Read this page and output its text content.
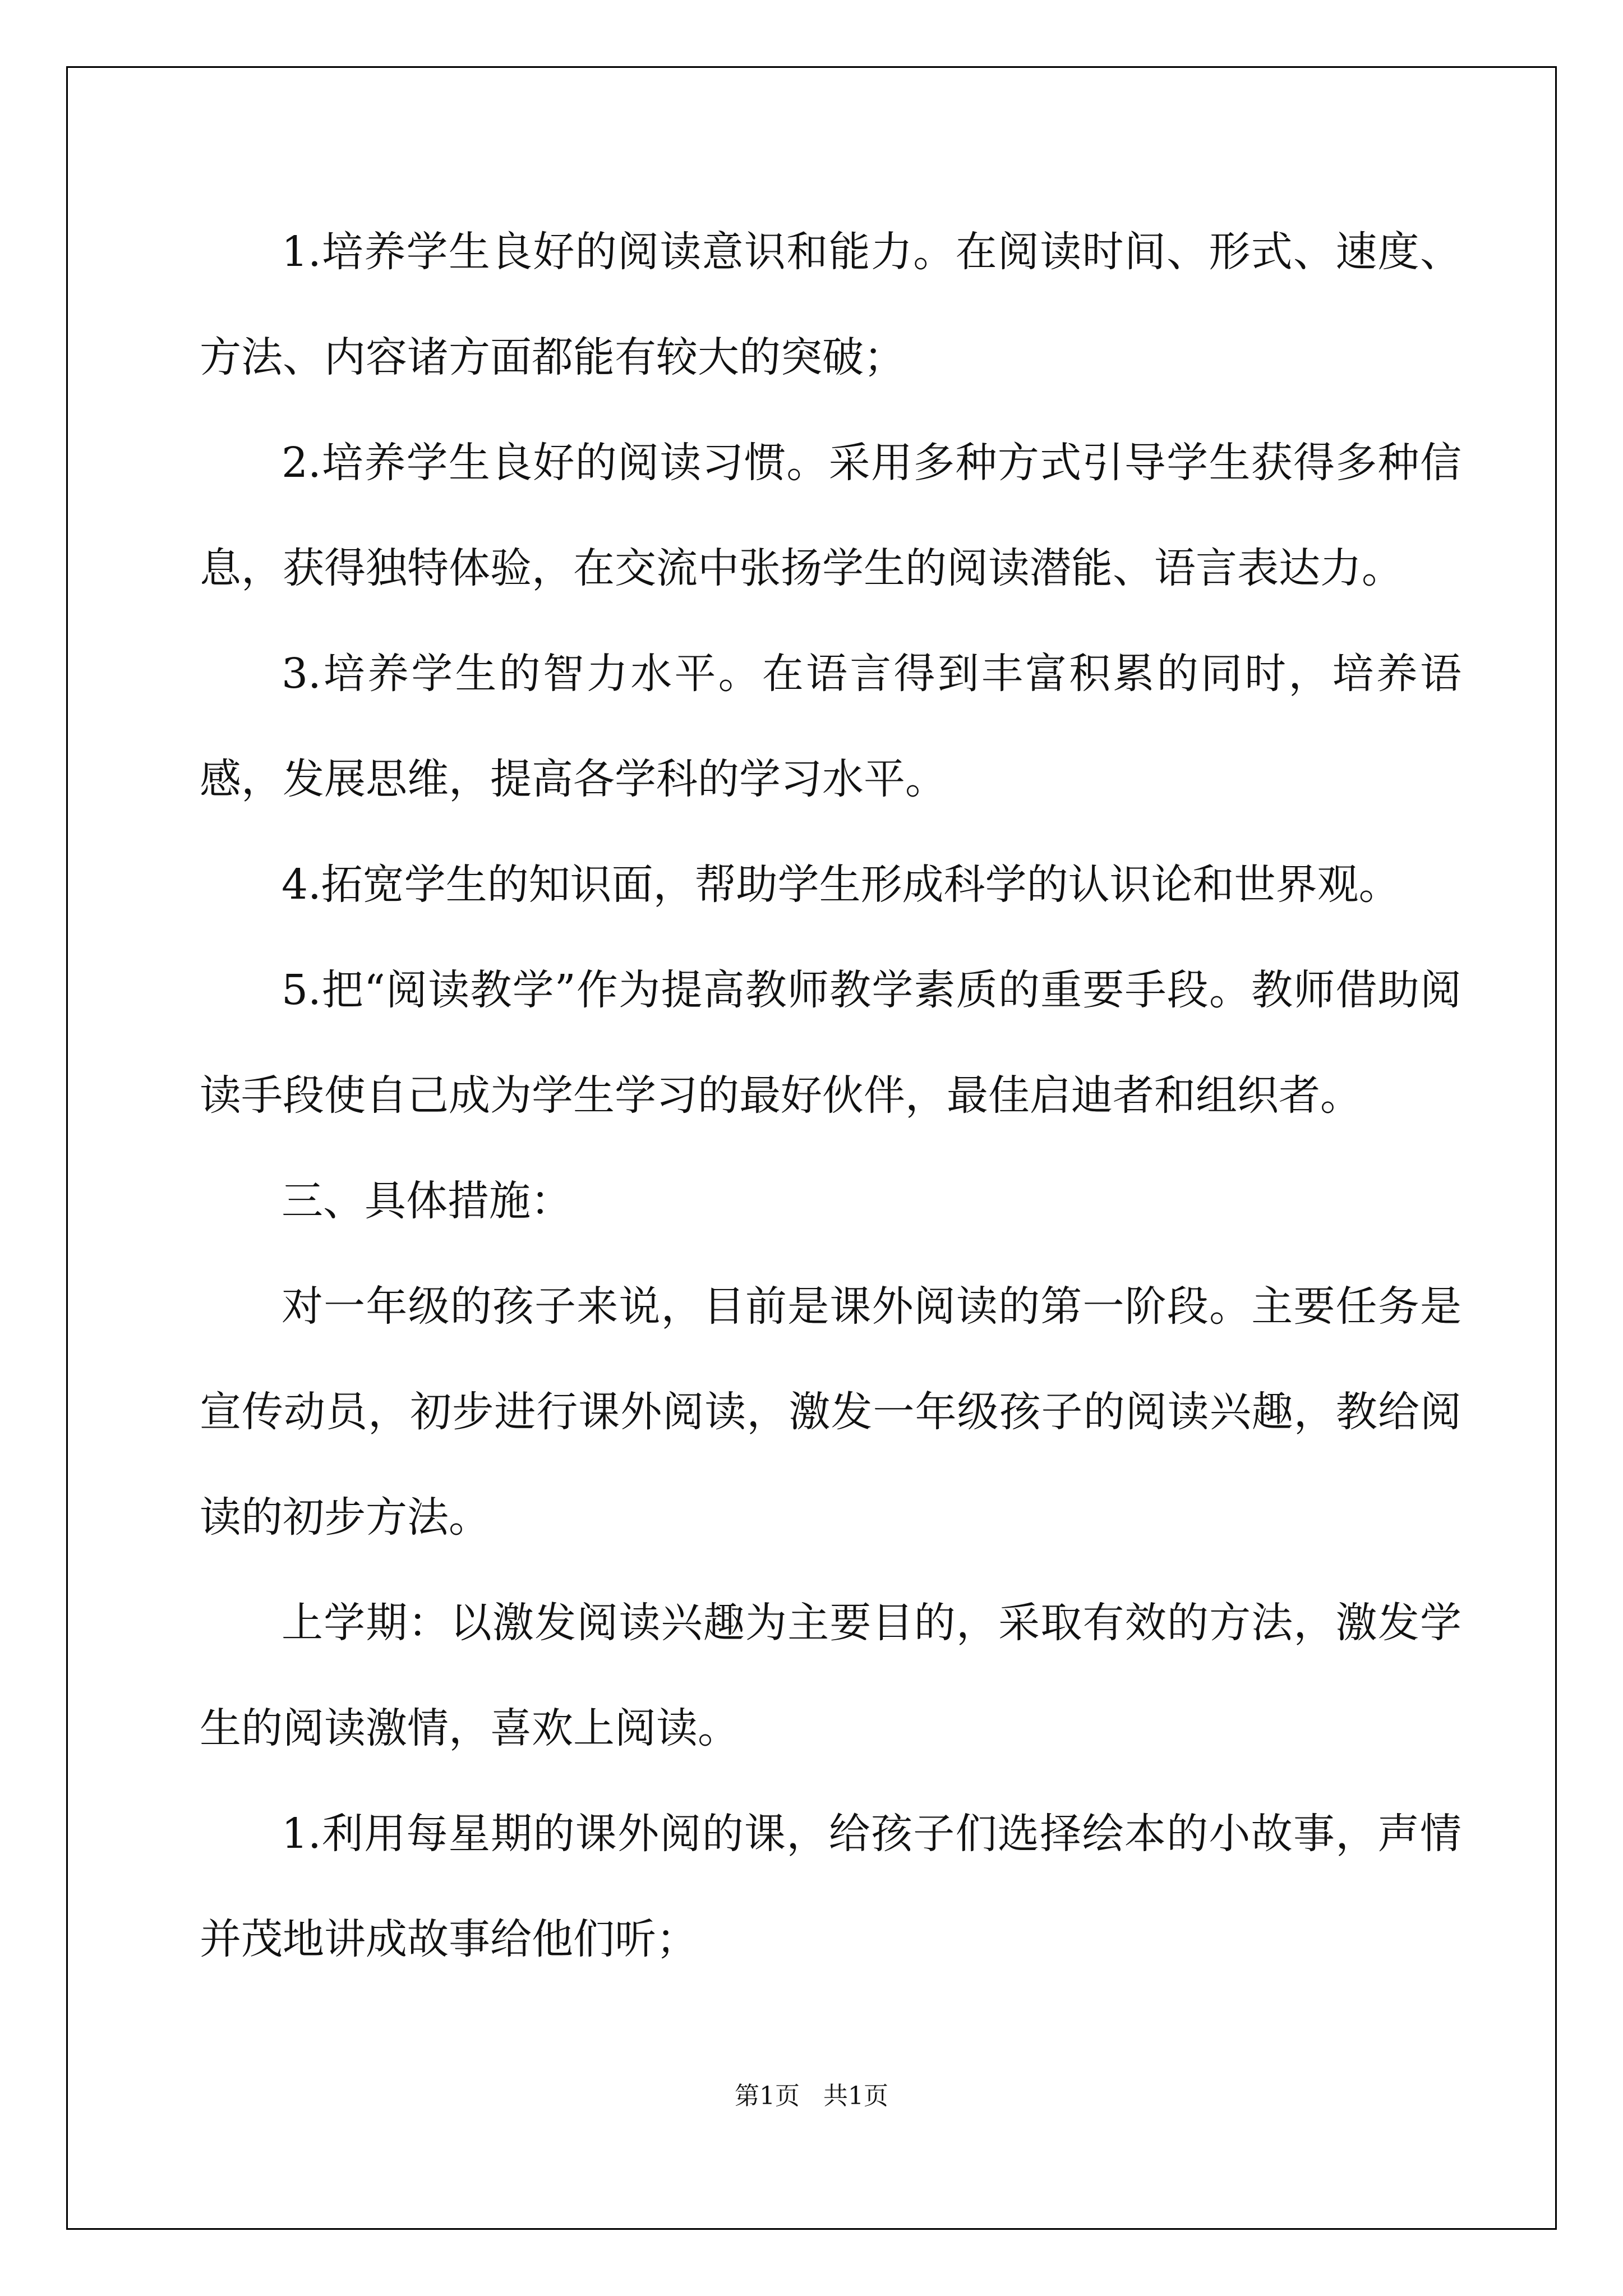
1.培养学生良好的阅读意识和能力。在阅读时间、形式、速度、方法、内容诸方面都能有较大的突破；

2.培养学生良好的阅读习惯。采用多种方式引导学生获得多种信息，获得独特体验，在交流中张扬学生的阅读潜能、语言表达力。

3.培养学生的智力水平。在语言得到丰富积累的同时，培养语感，发展思维，提高各学科的学习水平。

4.拓宽学生的知识面，帮助学生形成科学的认识论和世界观。

5.把“阅读教学”作为提高教师教学素质的重要手段。教师借助阅读手段使自己成为学生学习的最好伙伴，最佳启迪者和组织者。

三、具体措施：

对一年级的孩子来说，目前是课外阅读的第一阶段。主要任务是宣传动员，初步进行课外阅读，激发一年级孩子的阅读兴趣，教给阅读的初步方法。

上学期：以激发阅读兴趣为主要目的，采取有效的方法，激发学生的阅读激情，喜欢上阅读。

1.利用每星期的课外阅的课，给孩子们选择绘本的小故事，声情并茂地讲成故事给他们听；

第1页   共1页
